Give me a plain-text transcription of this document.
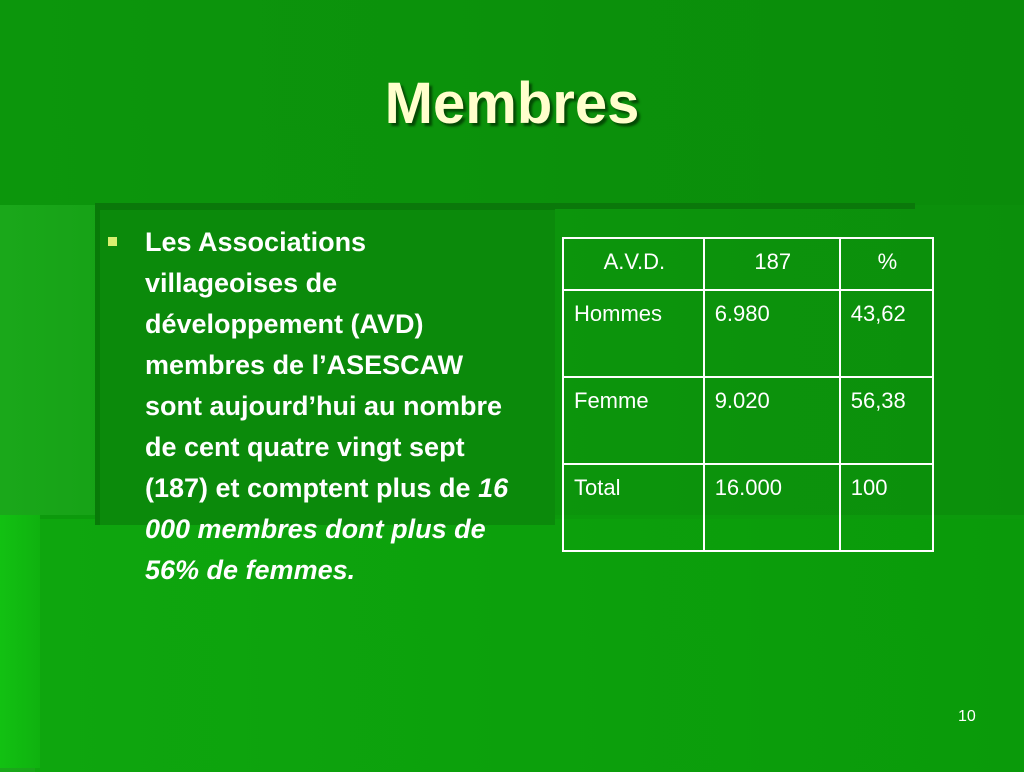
Membres
Les Associations villageoises de développement (AVD) membres de l’ASESCAW sont aujourd’hui au nombre de cent quatre vingt sept (187) et comptent plus de 16 000 membres dont plus de 56% de femmes.
A.V.D.	187	%
Hommes	6.980	43,62
Femme	9.020	56,38
Total	16.000	100
10
